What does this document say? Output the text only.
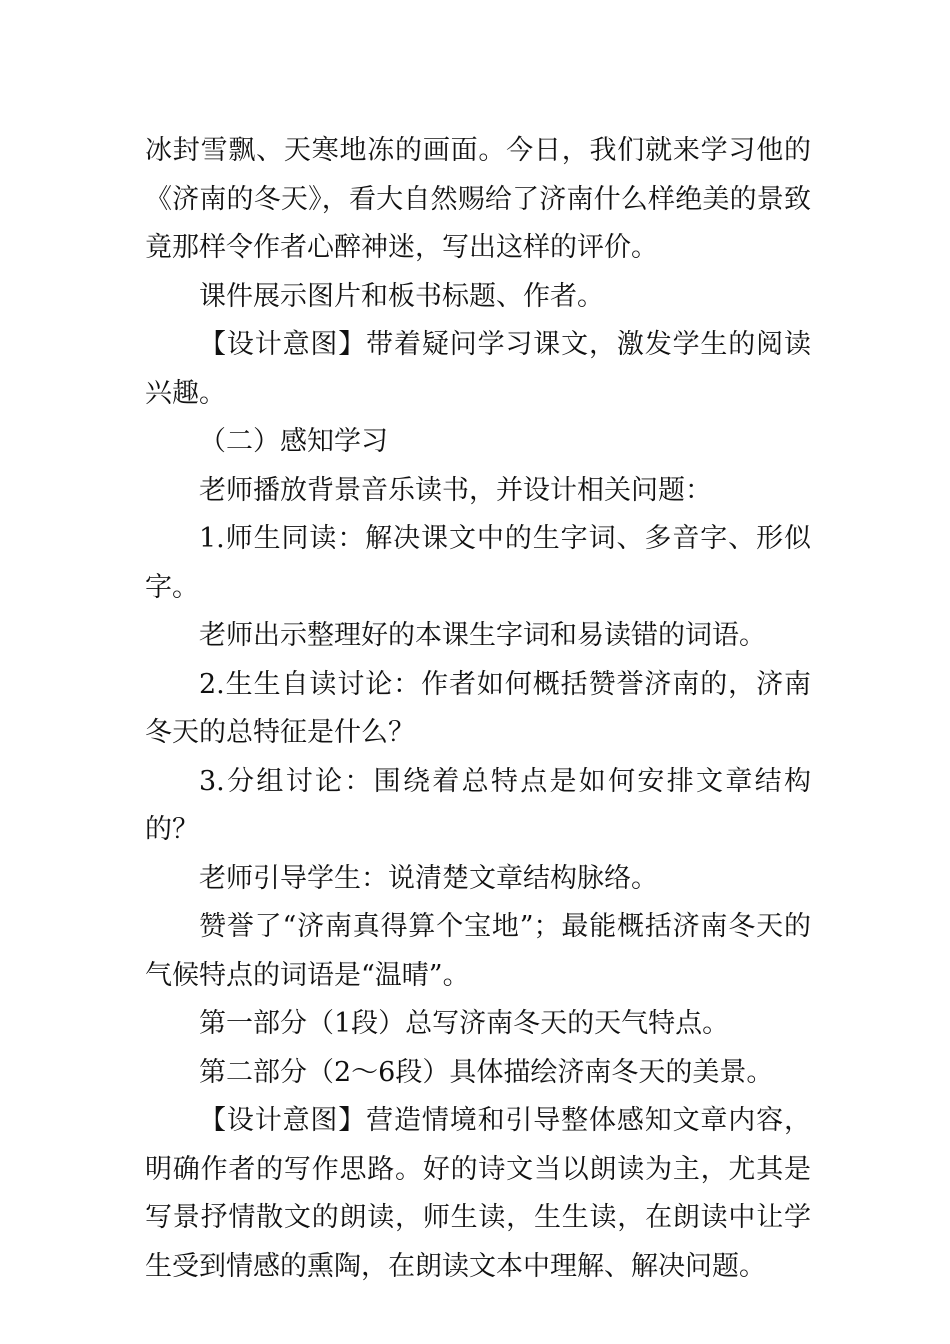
冰封雪飘、天寒地冻的画面。今日，我们就来学习他的《济南的冬天》，看大自然赐给了济南什么样绝美的景致竟那样令作者心醉神迷，写出这样的评价。

课件展示图片和板书标题、作者。

【设计意图】带着疑问学习课文，激发学生的阅读兴趣。

（二）感知学习

老师播放背景音乐读书，并设计相关问题：

1.师生同读：解决课文中的生字词、多音字、形似字。

老师出示整理好的本课生字词和易读错的词语。

2.生生自读讨论：作者如何概括赞誉济南的，济南冬天的总特征是什么？

3.分组讨论：围绕着总特点是如何安排文章结构的？

老师引导学生：说清楚文章结构脉络。

赞誉了“济南真得算个宝地”；最能概括济南冬天的气候特点的词语是“温晴”。

第一部分（1段）总写济南冬天的天气特点。

第二部分（2～6段）具体描绘济南冬天的美景。

【设计意图】营造情境和引导整体感知文章内容，明确作者的写作思路。好的诗文当以朗读为主，尤其是写景抒情散文的朗读，师生读，生生读，在朗读中让学生受到情感的熏陶，在朗读文本中理解、解决问题。
